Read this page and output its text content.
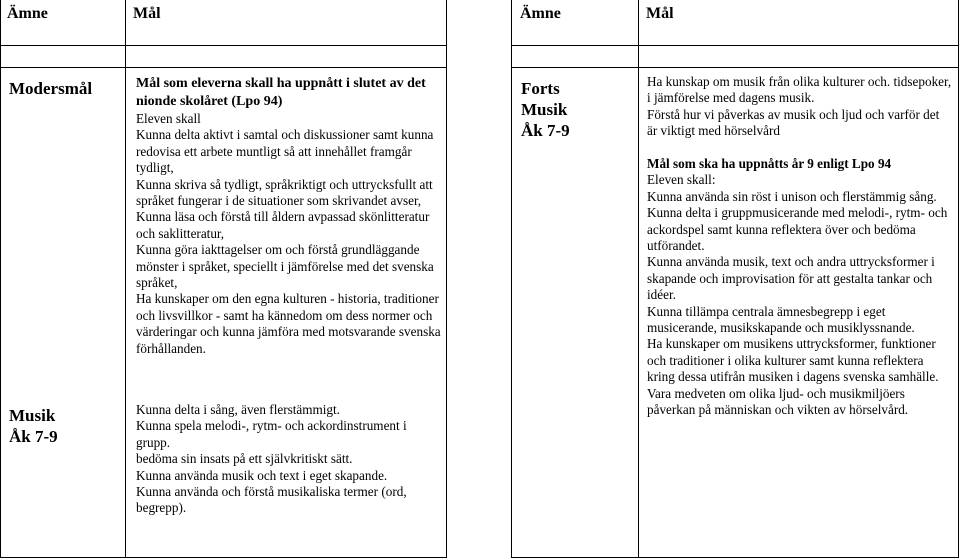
Ämne	Mål
Modersmål	Mål som eleverna skall ha uppnått i slutet av det nionde skolåret (Lpo 94)
Eleven skall
Kunna delta aktivt i samtal och diskussioner samt kunna redovisa ett arbete muntligt så att innehållet framgår tydligt,
Kunna skriva så tydligt, språkriktigt och uttrycksfullt att språket fungerar i de situationer som skrivandet avser,
Kunna läsa och förstå till åldern avpassad skönlitteratur och saklitteratur,
Kunna göra iakttagelser om och förstå grundläggande mönster i språket, speciellt i jämförelse med det svenska språket,
Ha kunskaper om den egna kulturen - historia, traditioner och livsvillkor - samt ha kännedom om dess normer och värderingar och kunna jämföra med motsvarande svenska förhållanden.
Musik
Åk 7-9
Kunna delta i sång, även flerstämmigt.
Kunna spela melodi-, rytm- och ackordinstrument i grupp.
bedöma sin insats på ett självkritiskt sätt.
Kunna använda musik och text i eget skapande.
Kunna använda och förstå musikaliska termer (ord, begrepp).
Ämne	Mål
Forts
Musik
Åk 7-9
Ha kunskap om musik från olika kulturer och. tidsepoker, i jämförelse med dagens musik.
Förstå hur vi påverkas av musik och ljud och varför det är viktigt med hörselvård
Mål som ska ha uppnåtts år 9 enligt Lpo 94
Eleven skall:
Kunna använda sin röst i unison och flerstämmig sång.
Kunna delta i gruppmusicerande med melodi-, rytm- och ackordspel samt kunna reflektera över och bedöma utförandet.
Kunna använda musik, text och andra uttrycksformer i skapande och improvisation för att gestalta tankar och idéer.
Kunna tillämpa centrala ämnesbegrepp i eget musicerande, musikskapande och musiklyssnande.
Ha kunskaper om musikens uttrycksformer, funktioner och traditioner i olika kulturer samt kunna reflektera kring dessa utifrån musiken i dagens svenska samhälle.
Vara medveten om olika ljud- och musikmiljöers påverkan på människan och vikten av hörselvård.
